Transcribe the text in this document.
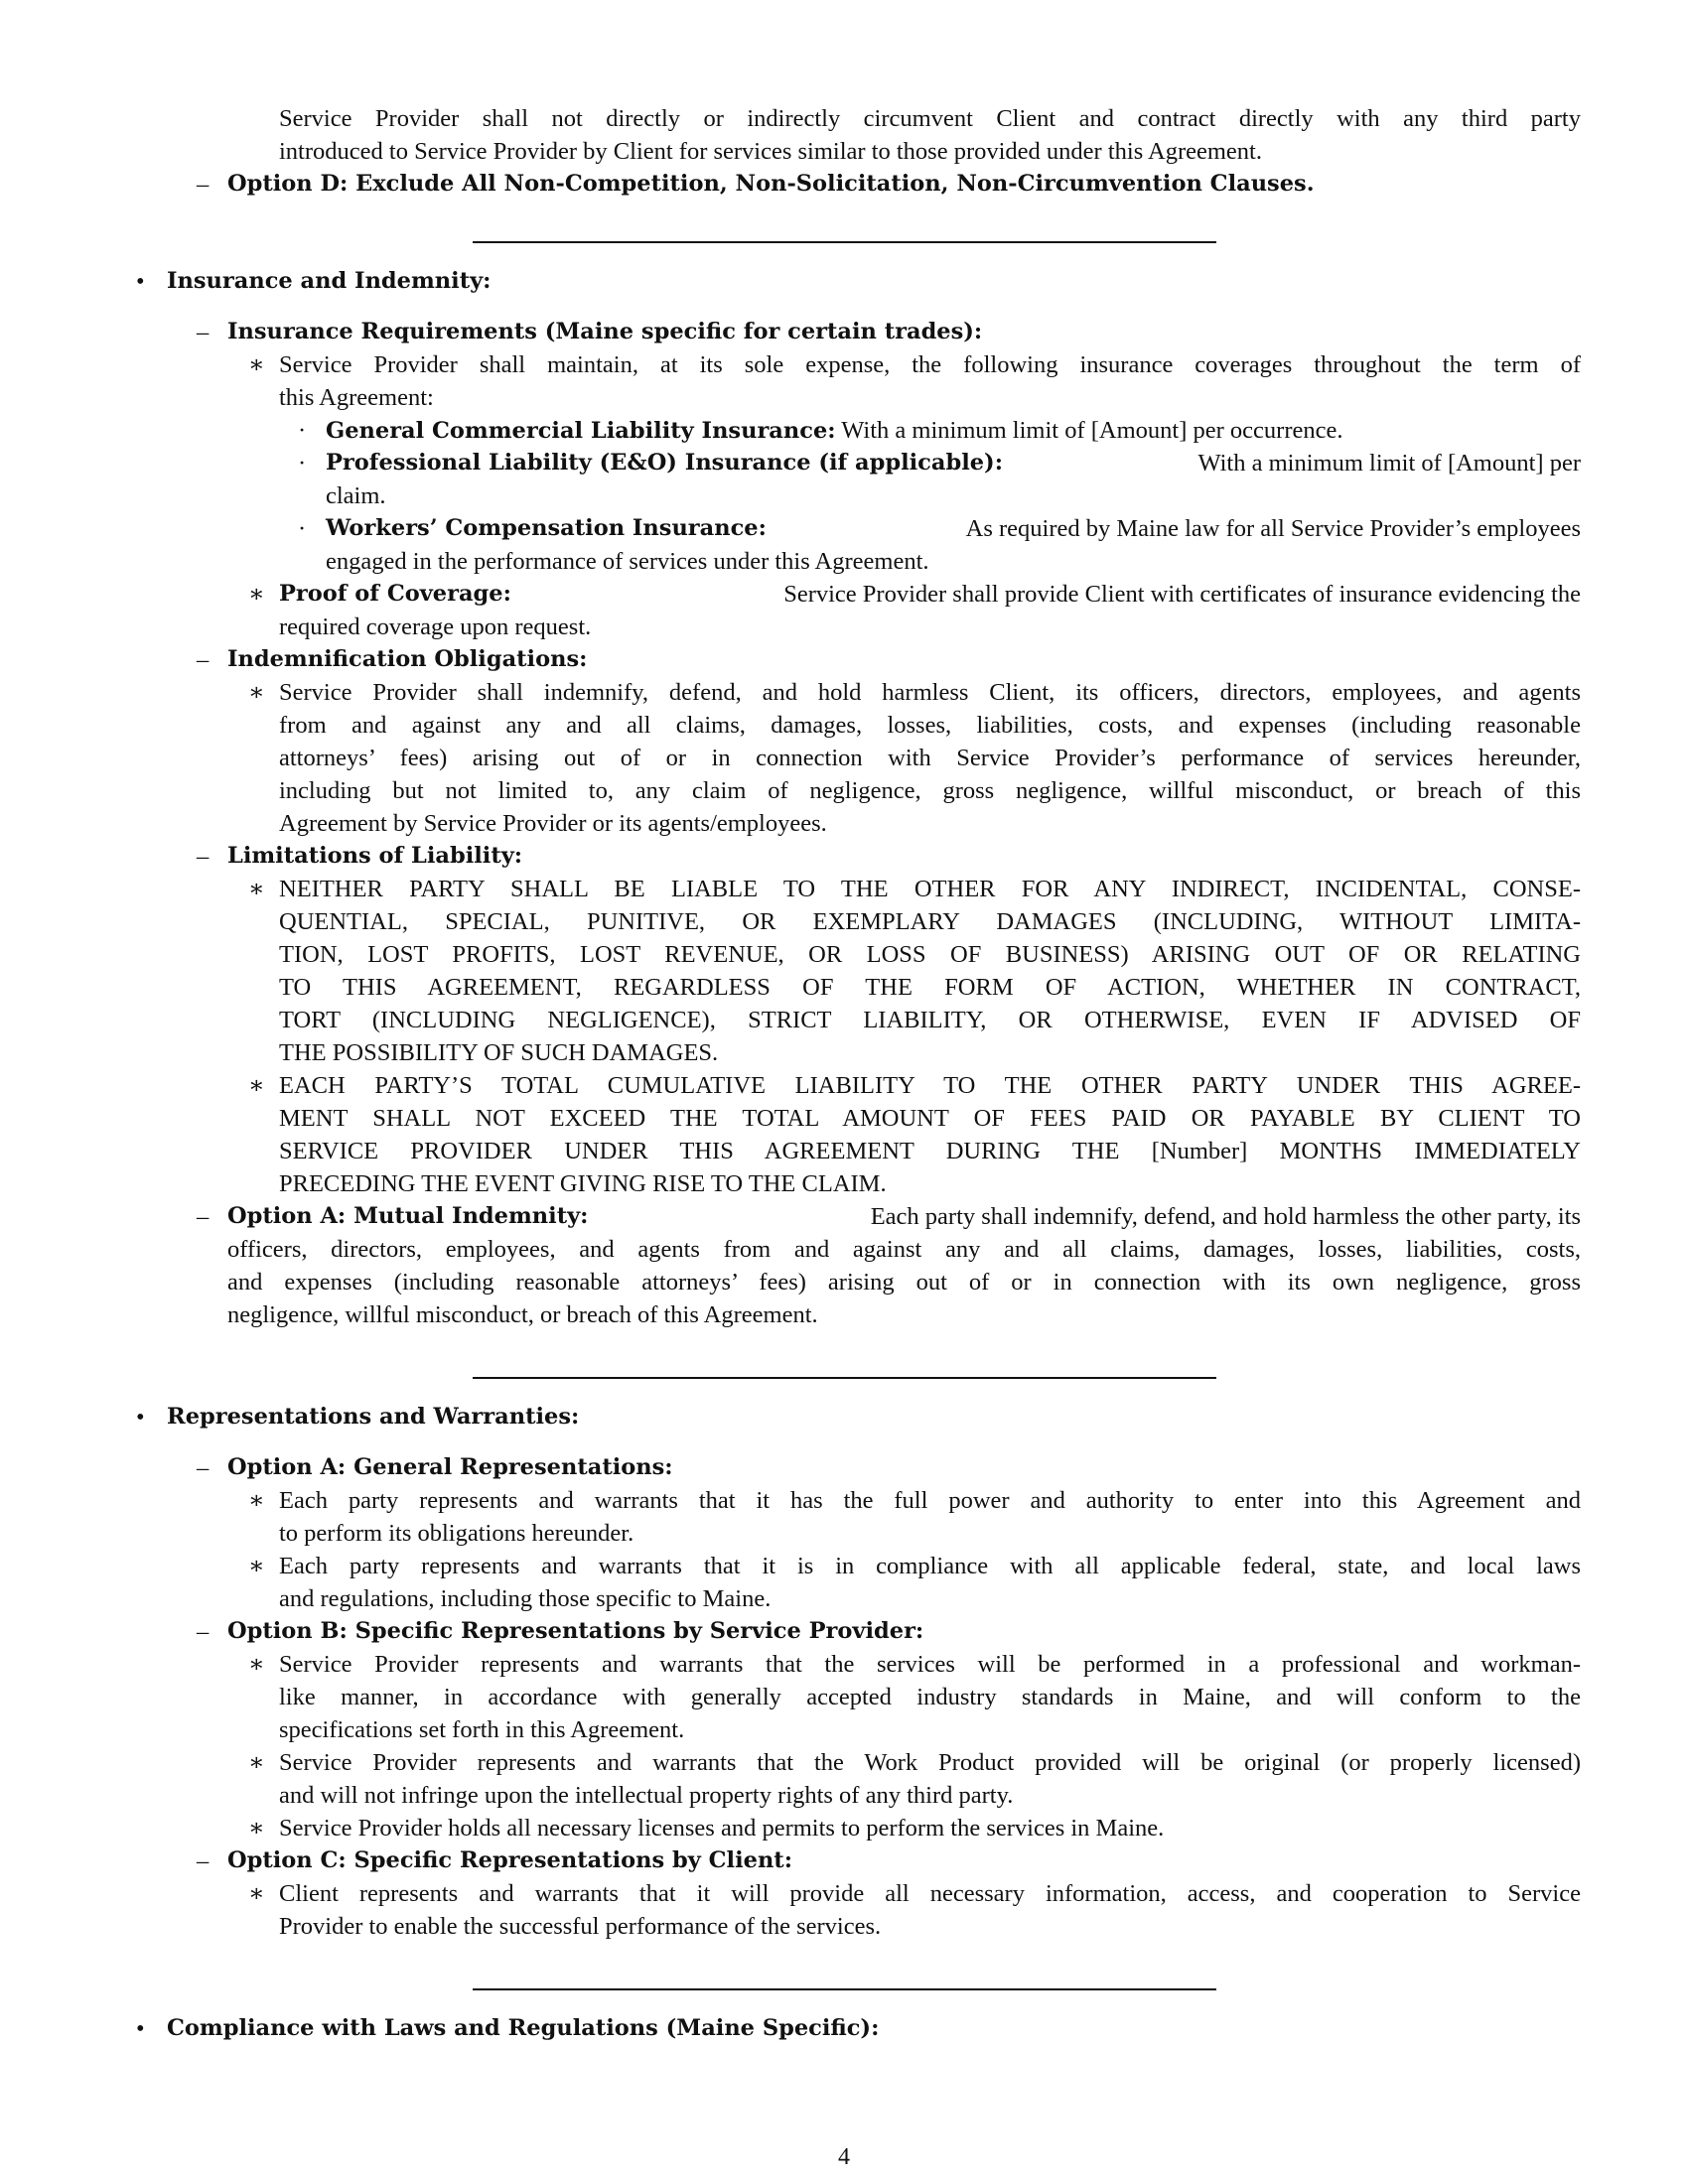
Service Provider shall not directly or indirectly circumvent Client and contract directly with any third party
introduced to Service Provider by Client for services similar to those provided under this Agreement.
– Option D: Exclude All Non-Competition, Non-Solicitation, Non-Circumvention Clauses.
• Insurance and Indemnity:
– Insurance Requirements (Maine specific for certain trades):
∗ Service Provider shall maintain, at its sole expense, the following insurance coverages throughout the term of
this Agreement:
· General Commercial Liability Insurance: With a minimum limit of [Amount] per occurrence.
· Professional Liability (E&O) Insurance (if applicable):	With a minimum limit of [Amount] per
claim.
· Workers’ Compensation Insurance:	As required by Maine law for all Service Provider’s employees
engaged in the performance of services under this Agreement.
∗ Proof of Coverage:	Service Provider shall provide Client with certificates of insurance evidencing the
required coverage upon request.
– Indemnification Obligations:
∗ Service Provider shall indemnify, defend, and hold harmless Client, its officers, directors, employees, and agents
from and against any and all claims, damages, losses, liabilities, costs, and expenses (including reasonable
attorneys’ fees) arising out of or in connection with Service Provider’s performance of services hereunder,
including but not limited to, any claim of negligence, gross negligence, willful misconduct, or breach of this
Agreement by Service Provider or its agents/employees.
– Limitations of Liability:
∗ NEITHER PARTY SHALL BE LIABLE TO THE OTHER FOR ANY INDIRECT, INCIDENTAL, CONSE-
QUENTIAL, SPECIAL, PUNITIVE, OR EXEMPLARY DAMAGES (INCLUDING, WITHOUT LIMITA-
TION, LOST PROFITS, LOST REVENUE, OR LOSS OF BUSINESS) ARISING OUT OF OR RELATING
TO THIS AGREEMENT, REGARDLESS OF THE FORM OF ACTION, WHETHER IN CONTRACT,
TORT (INCLUDING NEGLIGENCE), STRICT LIABILITY, OR OTHERWISE, EVEN IF ADVISED OF
THE POSSIBILITY OF SUCH DAMAGES.
∗ EACH PARTY’S TOTAL CUMULATIVE LIABILITY TO THE OTHER PARTY UNDER THIS AGREE-
MENT SHALL NOT EXCEED THE TOTAL AMOUNT OF FEES PAID OR PAYABLE BY CLIENT TO
SERVICE PROVIDER UNDER THIS AGREEMENT DURING THE [Number] MONTHS IMMEDIATELY
PRECEDING THE EVENT GIVING RISE TO THE CLAIM.
– Option A: Mutual Indemnity:	Each party shall indemnify, defend, and hold harmless the other party, its
officers, directors, employees, and agents from and against any and all claims, damages, losses, liabilities, costs,
and expenses (including reasonable attorneys’ fees) arising out of or in connection with its own negligence, gross
negligence, willful misconduct, or breach of this Agreement.
• Representations and Warranties:
– Option A: General Representations:
∗ Each party represents and warrants that it has the full power and authority to enter into this Agreement and
to perform its obligations hereunder.
∗ Each party represents and warrants that it is in compliance with all applicable federal, state, and local laws
and regulations, including those specific to Maine.
– Option B: Specific Representations by Service Provider:
∗ Service Provider represents and warrants that the services will be performed in a professional and workman-
like manner, in accordance with generally accepted industry standards in Maine, and will conform to the
specifications set forth in this Agreement.
∗ Service Provider represents and warrants that the Work Product provided will be original (or properly licensed)
and will not infringe upon the intellectual property rights of any third party.
∗ Service Provider holds all necessary licenses and permits to perform the services in Maine.
– Option C: Specific Representations by Client:
∗ Client represents and warrants that it will provide all necessary information, access, and cooperation to Service
Provider to enable the successful performance of the services.
• Compliance with Laws and Regulations (Maine Specific):
4
